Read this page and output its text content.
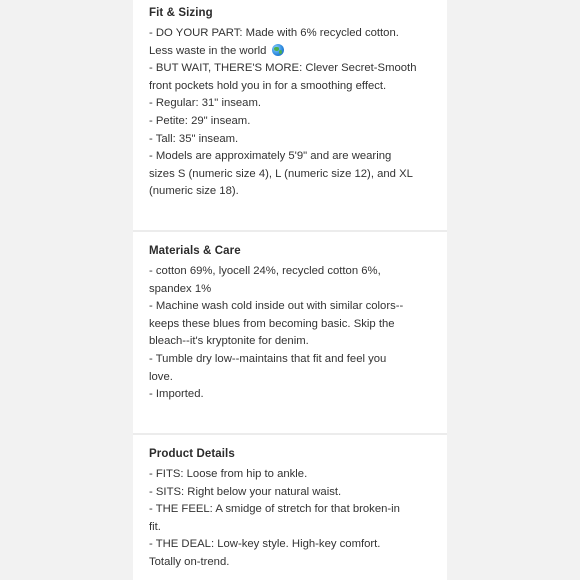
Fit & Sizing
- DO YOUR PART: Made with 6% recycled cotton.
Less waste in the world
- BUT WAIT, THERE'S MORE: Clever Secret-Smooth
front pockets hold you in for a smoothing effect.
- Regular: 31" inseam.
- Petite: 29" inseam.
- Tall: 35" inseam.
- Models are approximately 5'9" and are wearing
sizes S (numeric size 4), L (numeric size 12), and XL
(numeric size 18).
Materials & Care
- cotton 69%, lyocell 24%, recycled cotton 6%,
spandex 1%
- Machine wash cold inside out with similar colors--
keeps these blues from becoming basic. Skip the
bleach--it's kryptonite for denim.
- Tumble dry low--maintains that fit and feel you
love.
- Imported.
Product Details
- FITS: Loose from hip to ankle.
- SITS: Right below your natural waist.
- THE FEEL: A smidge of stretch for that broken-in
fit.
- THE DEAL: Low-key style. High-key comfort.
Totally on-trend.
